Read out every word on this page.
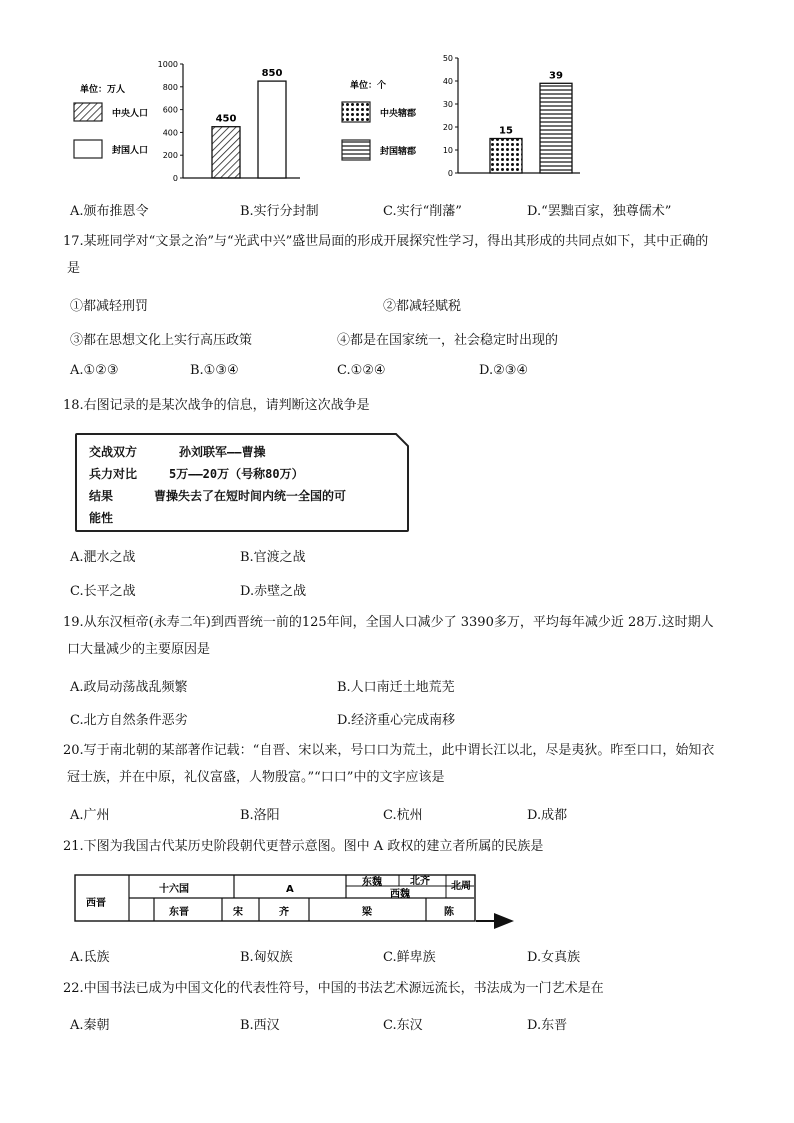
单位：万人
中央人口
封国人口
0
200
400
600
800
1000
450
850
单位：个
中央辖郡
封国辖郡
0
10
20
30
40
50
15
39
A.颁布推恩令	B.实行分封制	C.实行“削藩”	D.“罢黜百家，独尊儒术”
17.某班同学对“文景之治”与“光武中兴”盛世局面的形成开展探究性学习，得出其形成的共同点如下，其中正确的
是
①都减轻刑罚	②都减轻赋税
③都在思想文化上实行高压政策	④都是在国家统一，社会稳定时出现的
A.①②③	B.①③④	C.①②④	D.②③④
18.右图记录的是某次战争的信息，请判断这次战争是
交战双方	孙刘联军——曹操
兵力对比	5万——20万（号称80万）
结果	曹操失去了在短时间内统一全国的可
能性
A.淝水之战	B.官渡之战
C.长平之战	D.赤壁之战
19.从东汉桓帝(永寿二年)到西晋统一前的125年间，全国人口减少了 3390多万，平均每年减少近 28万.这时期人
口大量减少的主要原因是
A.政局动荡战乱频繁	B.人口南迁土地荒芜
C.北方自然条件恶劣	D.经济重心完成南移
20.写于南北朝的某部著作记载：“自晋、宋以来，号口口为荒土，此中谓长江以北，尽是夷狄。昨至口口，始知衣
冠士族，并在中原，礼仪富盛，人物殷富。”“口口”中的文字应该是
A.广州	B.洛阳	C.杭州	D.成都
21.下图为我国古代某历史阶段朝代更替示意图。图中 A 政权的建立者所属的民族是
西晋
十六国	A
东魏	北齐 北周
西魏
东晋	宋	齐	梁	陈
A.氐族	B.匈奴族	C.鲜卑族	D.女真族
22.中国书法已成为中国文化的代表性符号，中国的书法艺术源远流长，书法成为一门艺术是在
A.秦朝	B.西汉	C.东汉	D.东晋
